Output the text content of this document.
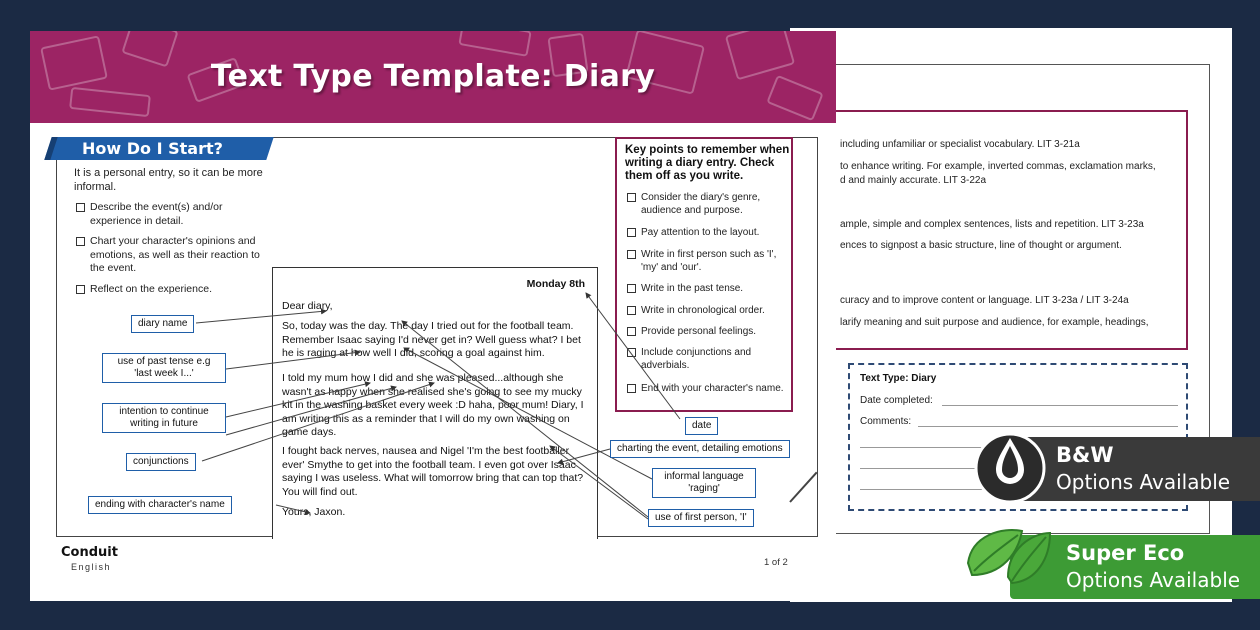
including unfamiliar or specialist vocabulary. LIT 3-21a
to enhance writing. For example, inverted commas, exclamation marks,
d and mainly accurate. LIT 3-22a
ample, simple and complex sentences, lists and repetition. LIT 3-23a
ences to signpost a basic structure, line of thought or argument.
curacy and to improve content or language. LIT 3-23a / LIT 3-24a
larify meaning and suit purpose and audience, for example, headings,
Text Type: Diary
Date completed:
Comments:
Text Type Template: Diary
How Do I Start?
It is a personal entry, so it can be more informal.
Describe the event(s) and/or experience in detail.
Chart your character's opinions and emotions, as well as their reaction to the event.
Reflect on the experience.
Key points to remember when writing a diary entry. Check them off as you write.
Consider the diary's genre, audience and purpose.
Pay attention to the layout.
Write in first person such as 'I', 'my' and 'our'.
Write in the past tense.
Write in chronological order.
Provide personal feelings.
Include conjunctions and adverbials.
End with your character's name.
Monday 8th
Dear diary,
So, today was the day. The day I tried out for the football team. Remember Isaac saying I'd never get in? Well guess what? I bet he is raging at how well I did, scoring a goal against him.
I told my mum how I did and she was pleased...although she wasn't as happy when she realised she's going to see my mucky kit in the washing basket every week :D haha, poor mum! Diary, I am writing this as a reminder that I will do my own washing on game days.
I fought back nerves, nausea and Nigel 'I'm the best footballer ever' Smythe to get into the football team. I even got over Isaac saying I was useless. What will tomorrow bring that can top that? You will find out.
Yours, Jaxon.
diary name
use of past tense e.g
'last week I...'
intention to continue
writing in future
conjunctions
ending with character's name
date
charting the event, detailing emotions
informal language
'raging'
use of first person, 'I'
Conduit
English	1 of 2
B&W
Options Available
Super Eco
Options Available
